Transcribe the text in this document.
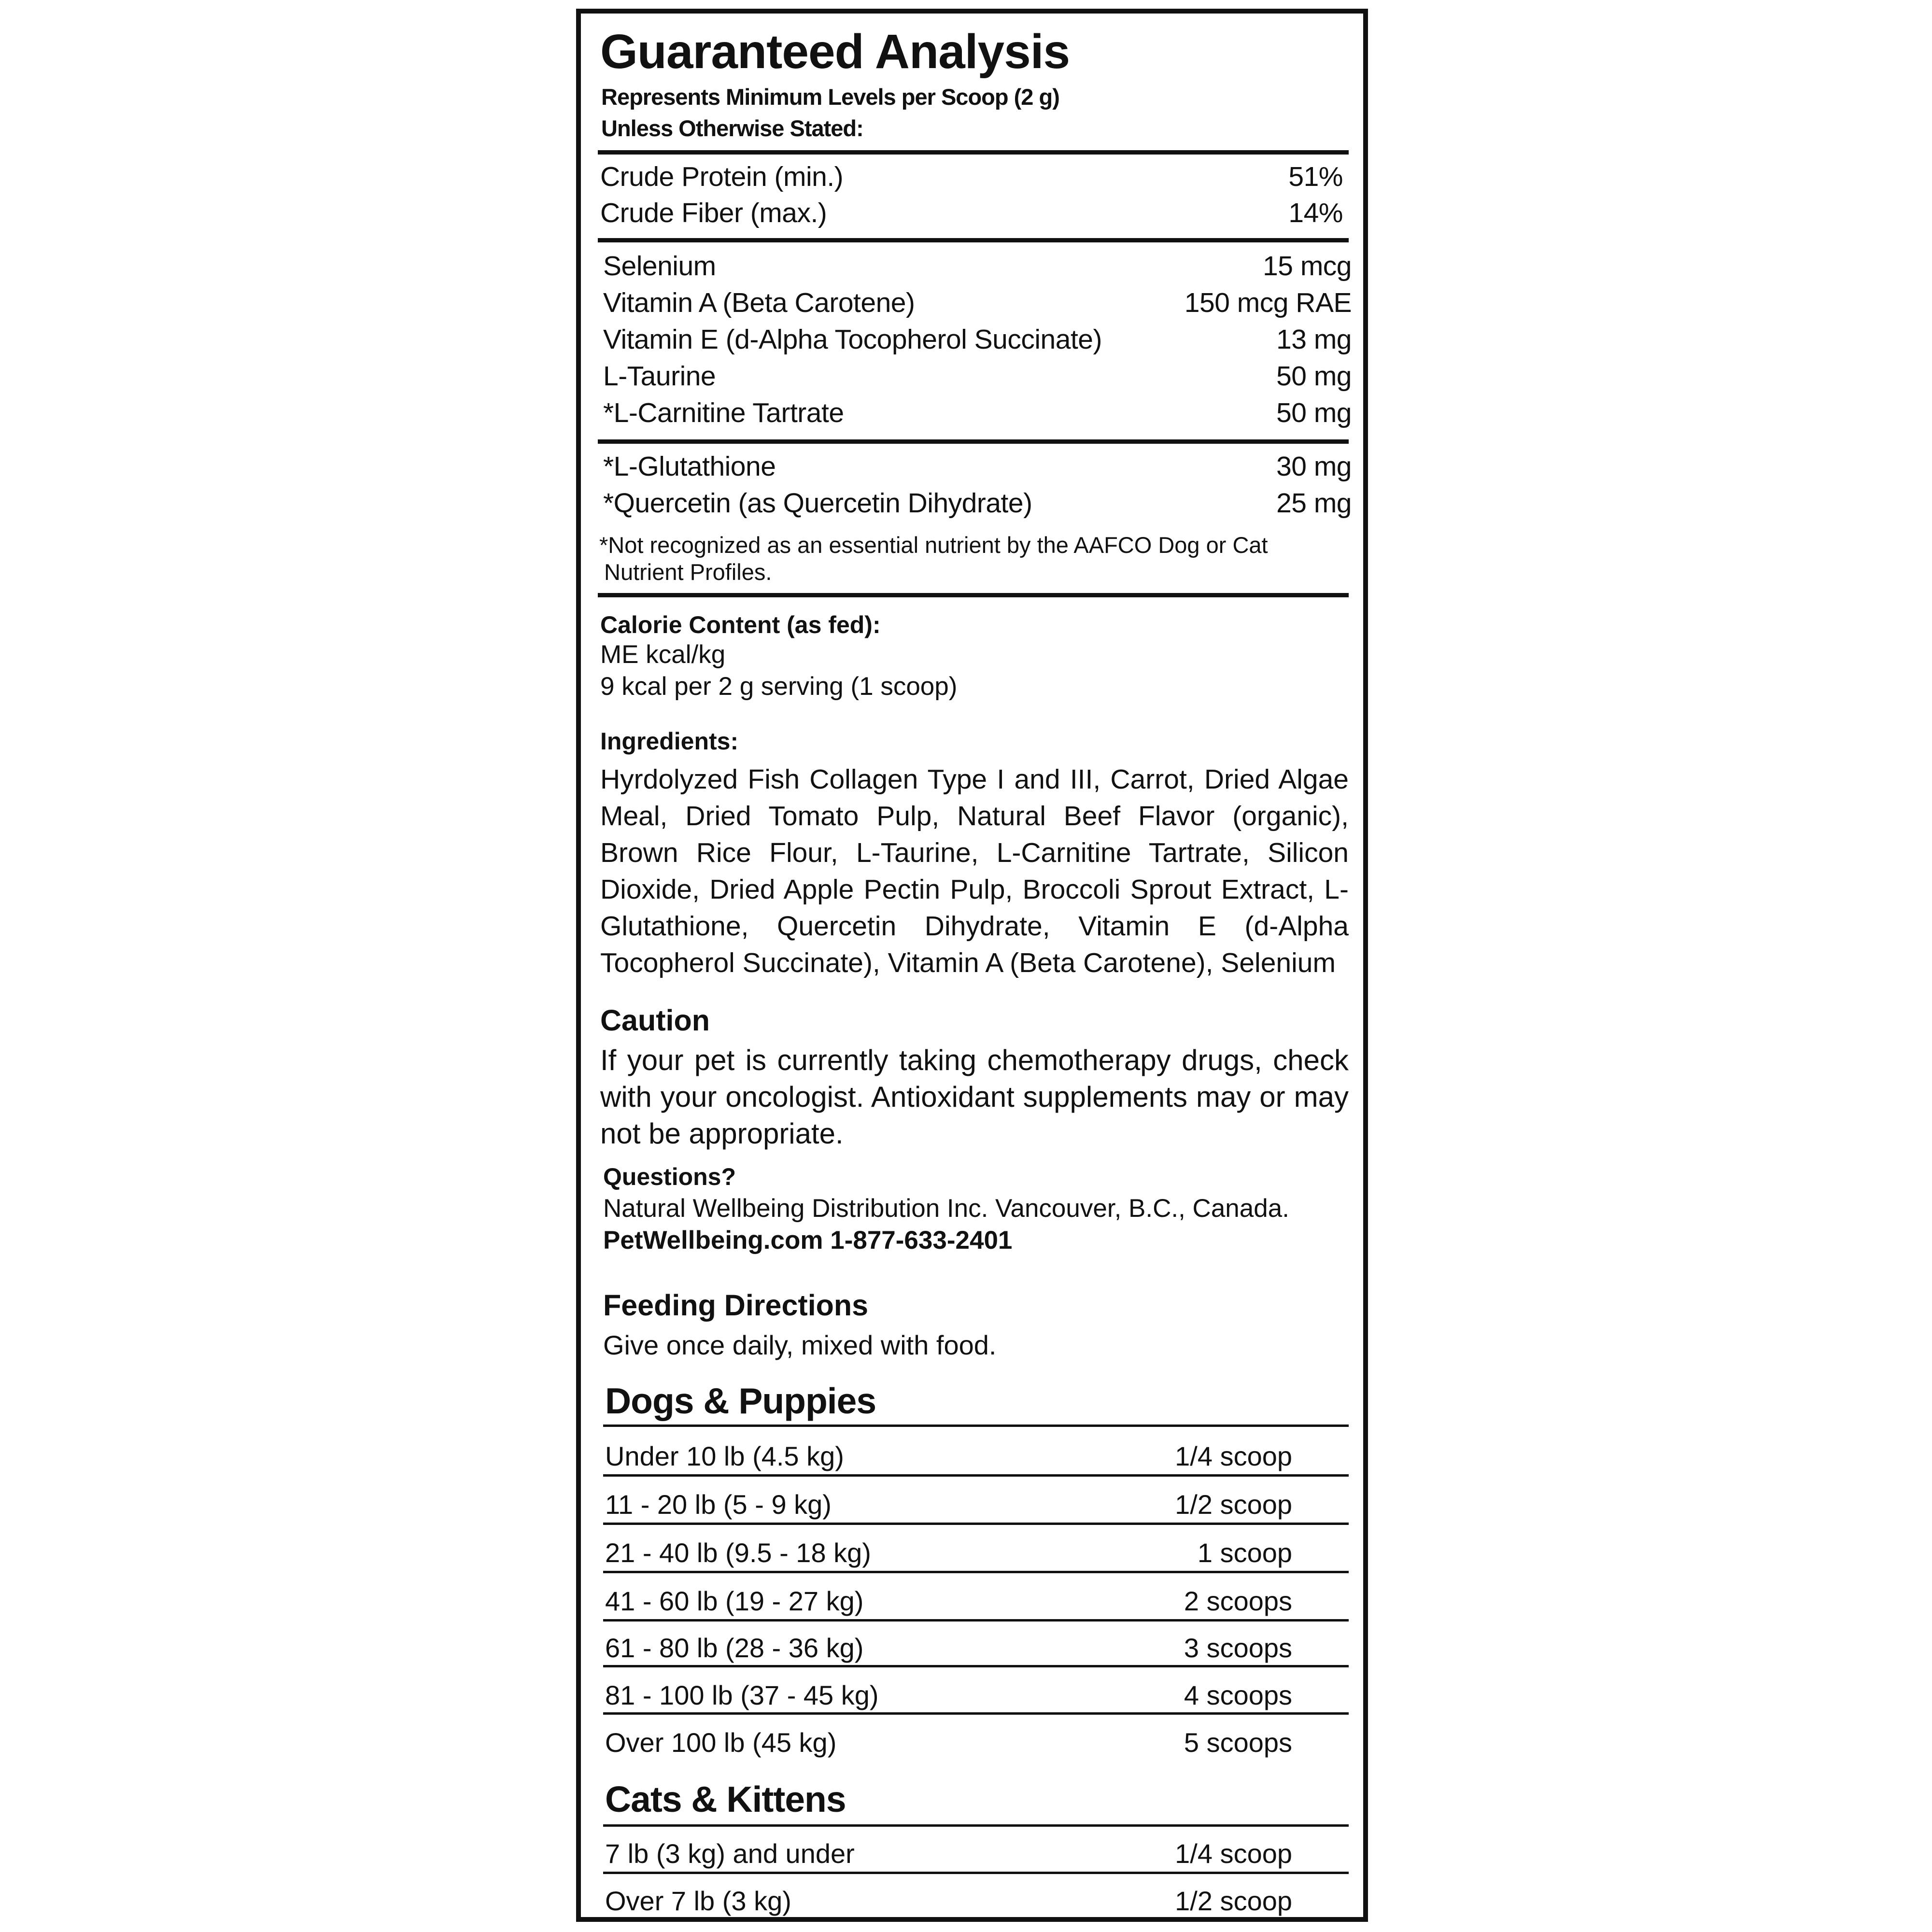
Guaranteed Analysis
Represents Minimum Levels per Scoop (2 g)
Unless Otherwise Stated:
Crude Protein (min.)	51%
Crude Fiber (max.)	14%
Selenium	15 mcg
Vitamin A (Beta Carotene)	150 mcg RAE
Vitamin E (d-Alpha Tocopherol Succinate)	13 mg
L-Taurine	50 mg
*L-Carnitine Tartrate	50 mg
*L-Glutathione	30 mg
*Quercetin (as Quercetin Dihydrate)	25 mg
*Not recognized as an essential nutrient by the AAFCO Dog or Cat
Nutrient Profiles.
Calorie Content (as fed):
ME kcal/kg
9 kcal per 2 g serving (1 scoop)
Ingredients:
Hyrdolyzed Fish Collagen Type I and III, Carrot, Dried Algae Meal, Dried Tomato Pulp, Natural Beef Flavor (organic), Brown Rice Flour, L-Taurine, L-Carnitine Tartrate, Silicon Dioxide, Dried Apple Pectin Pulp, Broccoli Sprout Extract, L- Glutathione, Quercetin Dihydrate, Vitamin E (d-Alpha Tocopherol Succinate), Vitamin A (Beta Carotene), Selenium
Caution
If your pet is currently taking chemotherapy drugs, check with your oncologist. Antioxidant supplements may or may not be appropriate.
Questions?
Natural Wellbeing Distribution Inc. Vancouver, B.C., Canada.
PetWellbeing.com 1-877-633-2401
Feeding Directions
Give once daily, mixed with food.
Dogs & Puppies
Under 10 lb (4.5 kg)	1/4 scoop
11 - 20 lb (5 - 9 kg)	1/2 scoop
21 - 40 lb (9.5 - 18 kg)	1 scoop
41 - 60 lb (19 - 27 kg)	2 scoops
61 - 80 lb (28 - 36 kg)	3 scoops
81 - 100 lb (37 - 45 kg)	4 scoops
Over 100 lb (45 kg)	5 scoops
Cats & Kittens
7 lb (3 kg) and under	1/4 scoop
Over 7 lb (3 kg)	1/2 scoop
